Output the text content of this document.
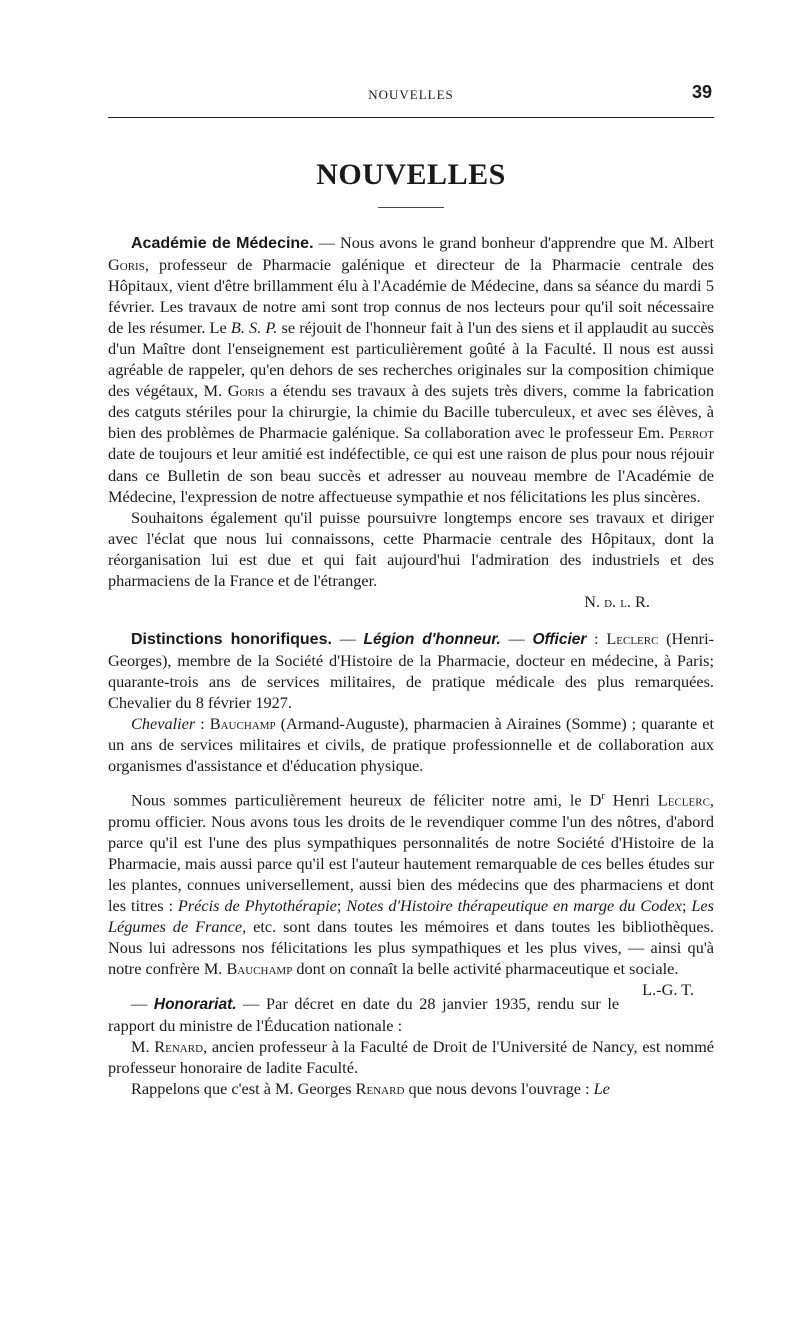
NOUVELLES	39
NOUVELLES

Académie de Médecine. — Nous avons le grand bonheur d'apprendre que M. Albert Goris, professeur de Pharmacie galénique et directeur de la Pharmacie centrale des Hôpitaux, vient d'être brillamment élu à l'Académie de Médecine, dans sa séance du mardi 5 février. Les travaux de notre ami sont trop connus de nos lecteurs pour qu'il soit nécessaire de les résumer. Le B. S. P. se réjouit de l'honneur fait à l'un des siens et il applaudit au succès d'un Maître dont l'enseignement est particulièrement goûté à la Faculté. Il nous est aussi agréable de rappeler, qu'en dehors de ses recherches originales sur la composition chimique des végétaux, M. Goris a étendu ses travaux à des sujets très divers, comme la fabrication des catguts stériles pour la chirurgie, la chimie du Bacille tuberculeux, et avec ses élèves, à bien des problèmes de Pharmacie galénique. Sa collaboration avec le professeur Em. Perrot date de toujours et leur amitié est indéfectible, ce qui est une raison de plus pour nous réjouir dans ce Bulletin de son beau succès et adresser au nouveau membre de l'Académie de Médecine, l'expression de notre affectueuse sympathie et nos félicitations les plus sincères.

Souhaitons également qu'il puisse poursuivre longtemps encore ses travaux et diriger avec l'éclat que nous lui connaissons, cette Pharmacie centrale des Hôpitaux, dont la réorganisation lui est due et qui fait aujourd'hui l'admiration des industriels et des pharmaciens de la France et de l'étranger.

N. d. l. R.

Distinctions honorifiques. — Légion d'honneur. — Officier : Leclerc (Henri-Georges), membre de la Société d'Histoire de la Pharmacie, docteur en médecine, à Paris; quarante-trois ans de services militaires, de pratique médicale des plus remarquées. Chevalier du 8 février 1927.

Chevalier : Bauchamp (Armand-Auguste), pharmacien à Airaines (Somme) ; quarante et un ans de services militaires et civils, de pratique professionnelle et de collaboration aux organismes d'assistance et d'éducation physique.

Nous sommes particulièrement heureux de féliciter notre ami, le $D^r$ Henri Leclerc, promu officier. Nous avons tous les droits de le revendiquer comme l'un des nôtres, d'abord parce qu'il est l'une des plus sympathiques personnalités de notre Société d'Histoire de la Pharmacie, mais aussi parce qu'il est l'auteur hautement remarquable de ces belles études sur les plantes, connues universellement, aussi bien des médecins que des pharmaciens et dont les titres : Précis de Phytothérapie; Notes d'Histoire thérapeutique en marge du Codex; Les Légumes de France, etc. sont dans toutes les mémoires et dans toutes les bibliothèques. Nous lui adressons nos félicitations les plus sympathiques et les plus vives, — ainsi qu'à notre confrère M. Bauchamp dont on connaît la belle activité pharmaceutique et sociale.
L.-G. T.

— Honorariat. — Par décret en date du 28 janvier 1935, rendu sur le rapport du ministre de l'Éducation nationale :

M. Renard, ancien professeur à la Faculté de Droit de l'Université de Nancy, est nommé professeur honoraire de ladite Faculté.

Rappelons que c'est à M. Georges Renard que nous devons l'ouvrage : Le
